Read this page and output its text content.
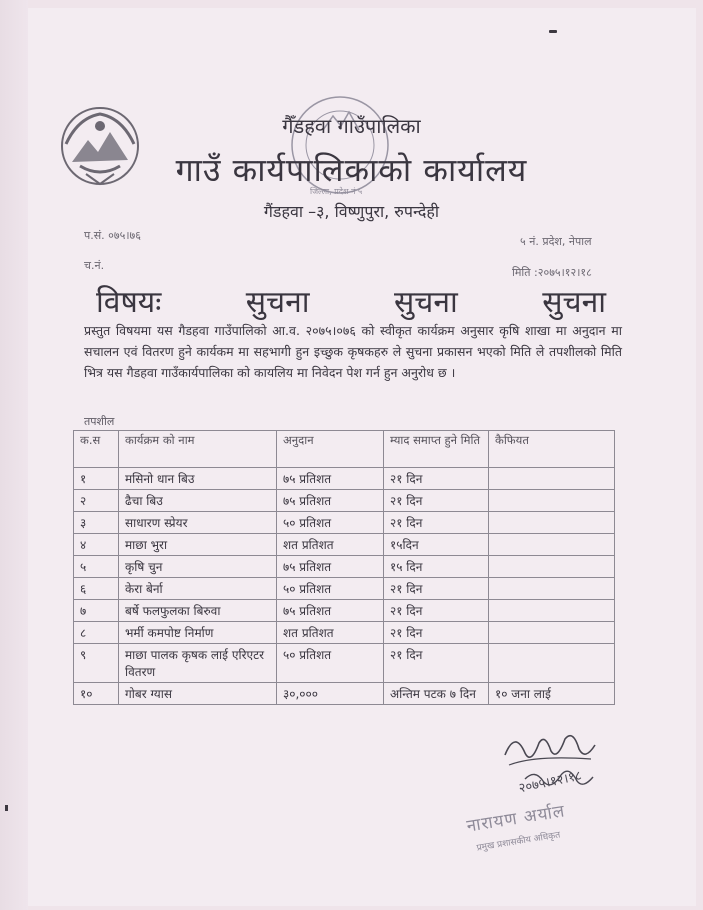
जिल्ला, प्रदेश नं ५
गैँडहवा गाउँपालिका
गाउँ कार्यपालिकाको कार्यालय
गैंडहवा –३, विष्णुपुरा, रुपन्देही
प.सं. ०७५।७६	५ नं. प्रदेश, नेपाल
च.नं.
मिति :२०७५।१२।१८
विषयः	सुचना	सुचना	सुचना
प्रस्तुत विषयमा यस गैडहवा गाउँपालिको आ.व. २०७५।०७६ को स्वीकृत कार्यक्रम अनुसार कृषि शाखा मा अनुदान मा सचालन एवं वितरण हुने कार्यकम मा सहभागी हुन इच्छुक कृषकहरु ले सुचना प्रकासन भएको मिति ले तपशीलको मिति भित्र यस गैडहवा गाउँकार्यपालिका को कायलिय मा निवेदन पेश गर्न हुन अनुरोध छ ।
तपशील
क.स	कार्यक्रम को नाम	अनुदान	म्याद समाप्त हुने मिति	कैफियत
१	मसिनो धान बिउ	७५ प्रतिशत	२१ दिन	
२	ढैचा बिउ	७५ प्रतिशत	२१ दिन	
३	साधारण स्प्रेयर	५० प्रतिशत	२१ दिन	
४	माछा भुरा	शत प्रतिशत	१५दिन	
५	कृषि चुन	७५ प्रतिशत	१५ दिन	
६	केरा बेर्ना	५० प्रतिशत	२१ दिन	
७	बर्षे फलफुलका बिरुवा	७५ प्रतिशत	२१ दिन	
८	भर्मी कमपोष्ट निर्माण	शत प्रतिशत	२१ दिन	
९	माछा पालक कृषक लाई एरिएटर वितरण	५० प्रतिशत	२१ दिन	
१०	गोबर ग्यास	३०,०००	अन्तिम पटक ७ दिन	१० जना लाई
२०७५।१२।१८
नारायण अर्याल
प्रमुख प्रशासकीय अधिकृत
